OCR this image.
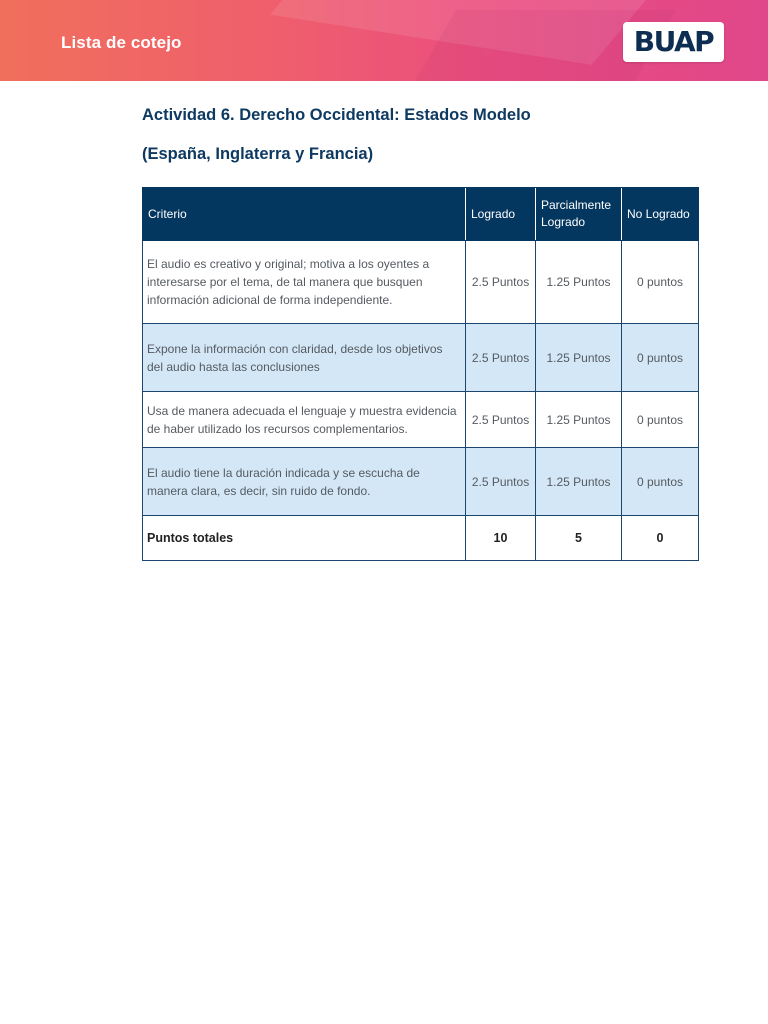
Lista de cotejo	BUAP
Actividad 6. Derecho Occidental: Estados Modelo
(España, Inglaterra y Francia)
Criterio	Logrado	Parcialmente Logrado	No Logrado
El audio es creativo y original; motiva a los oyentes a interesarse por el tema, de tal manera que busquen información adicional de forma independiente.	2.5 Puntos	1.25 Puntos	0 puntos
Expone la información con claridad, desde los objetivos del audio hasta las conclusiones	2.5 Puntos	1.25 Puntos	0 puntos
Usa de manera adecuada el lenguaje y muestra evidencia de haber utilizado los recursos complementarios.	2.5 Puntos	1.25 Puntos	0 puntos
El audio tiene la duración indicada y se escucha de manera clara, es decir, sin ruido de fondo.	2.5 Puntos	1.25 Puntos	0 puntos
Puntos totales	10	5	0
